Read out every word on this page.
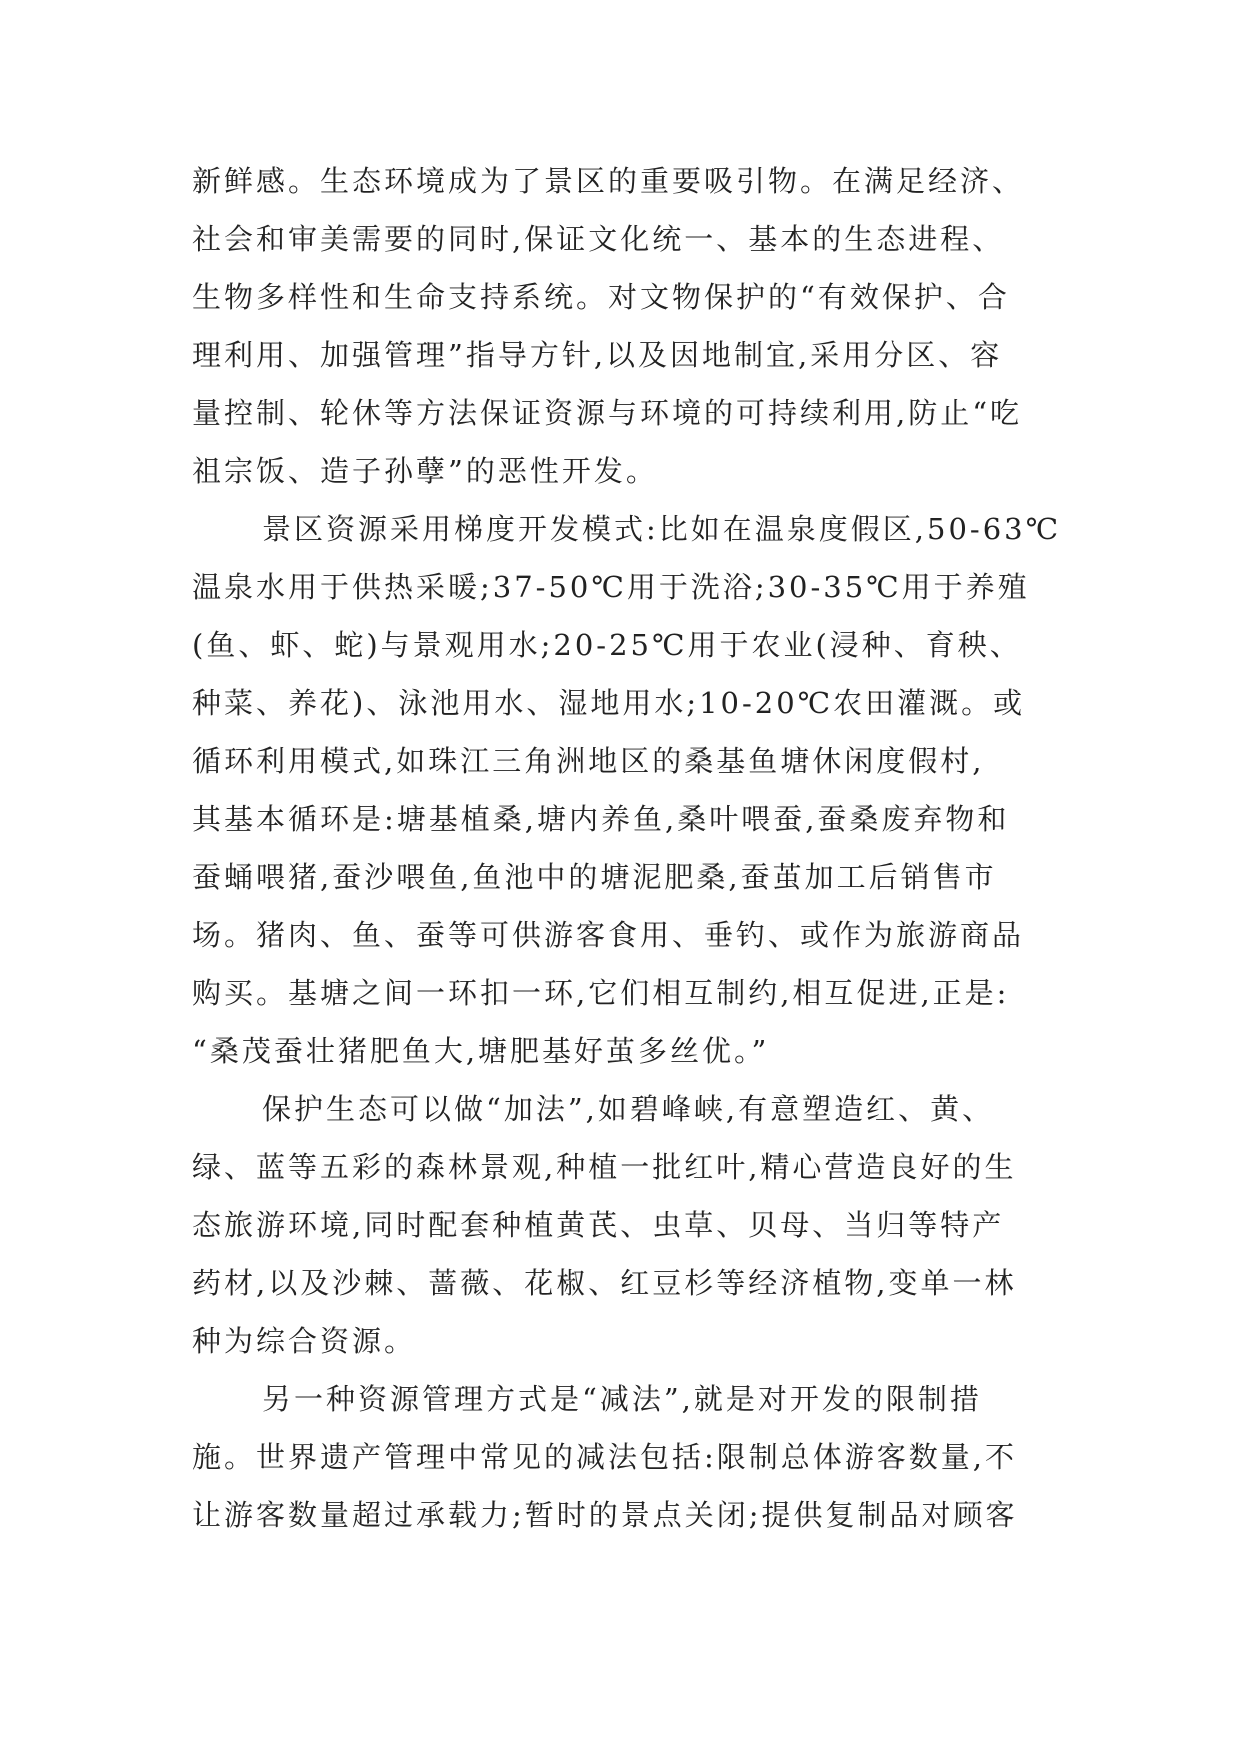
新鲜感。生态环境成为了景区的重要吸引物。在满足经济、
社会和审美需要的同时,保证文化统一、基本的生态进程、
生物多样性和生命支持系统。对文物保护的“有效保护、合
理利用、加强管理”指导方针,以及因地制宜,采用分区、容
量控制、轮休等方法保证资源与环境的可持续利用,防止“吃
祖宗饭、造子孙孽”的恶性开发。
景区资源采用梯度开发模式:比如在温泉度假区,50-63℃
温泉水用于供热采暖;37-50℃用于洗浴;30-35℃用于养殖
(鱼、虾、蛇)与景观用水;20-25℃用于农业(浸种、育秧、
种菜、养花)、泳池用水、湿地用水;10-20℃农田灌溉。或
循环利用模式,如珠江三角洲地区的桑基鱼塘休闲度假村,
其基本循环是:塘基植桑,塘内养鱼,桑叶喂蚕,蚕桑废弃物和
蚕蛹喂猪,蚕沙喂鱼,鱼池中的塘泥肥桑,蚕茧加工后销售市
场。猪肉、鱼、蚕等可供游客食用、垂钓、或作为旅游商品
购买。基塘之间一环扣一环,它们相互制约,相互促进,正是:
“桑茂蚕壮猪肥鱼大,塘肥基好茧多丝优。”
保护生态可以做“加法”,如碧峰峡,有意塑造红、黄、
绿、蓝等五彩的森林景观,种植一批红叶,精心营造良好的生
态旅游环境,同时配套种植黄芪、虫草、贝母、当归等特产
药材,以及沙棘、蔷薇、花椒、红豆杉等经济植物,变单一林
种为综合资源。
另一种资源管理方式是“减法”,就是对开发的限制措
施。世界遗产管理中常见的减法包括:限制总体游客数量,不
让游客数量超过承载力;暂时的景点关闭;提供复制品对顾客
